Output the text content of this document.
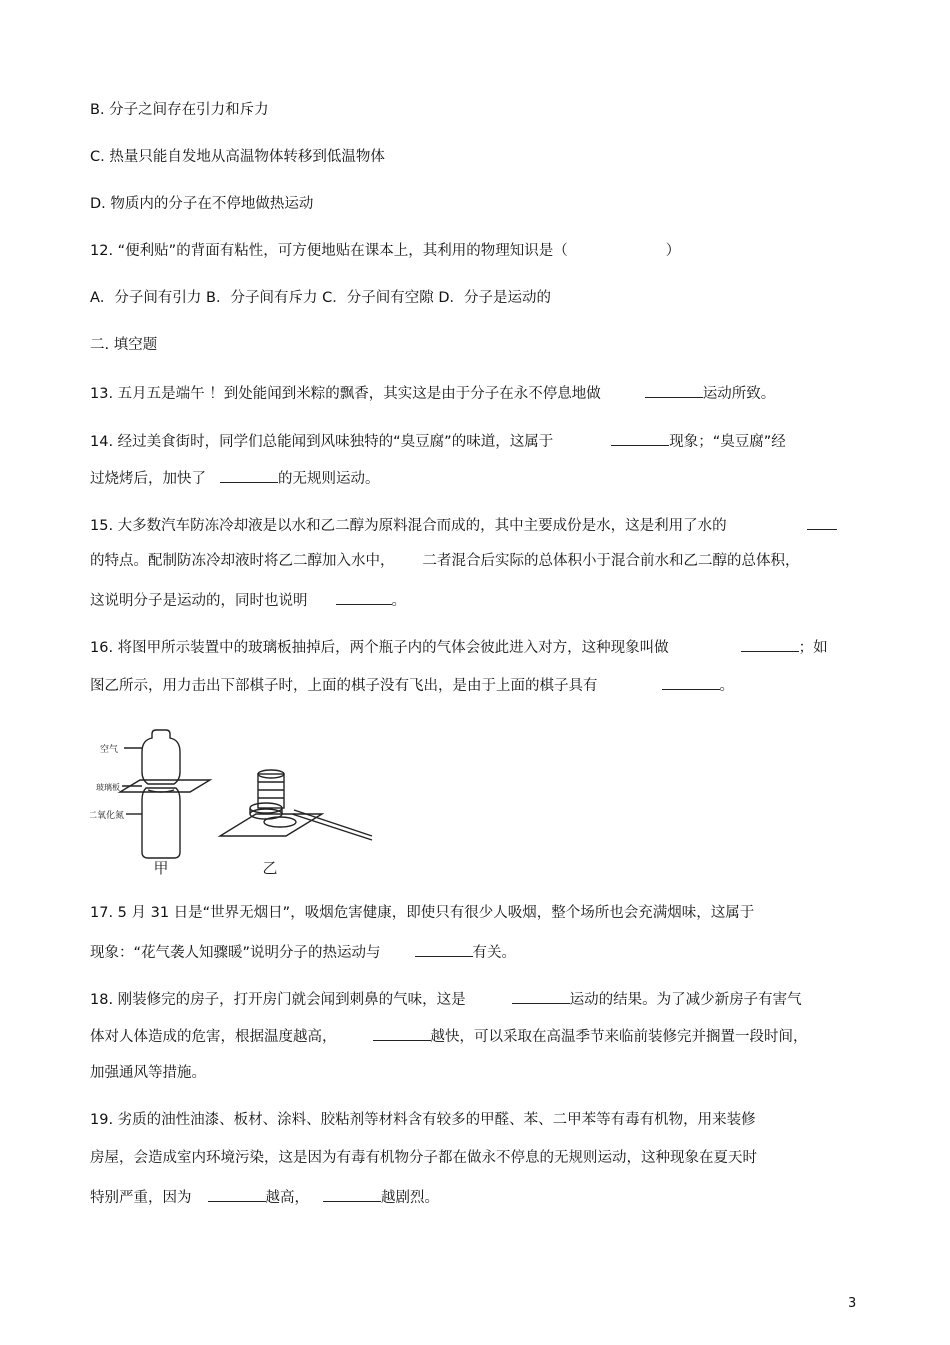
B. 分子之间存在引力和斥力
C. 热量只能自发地从高温物体转移到低温物体
D. 物质内的分子在不停地做热运动
12. “便利贴”的背面有粘性，可方便地贴在课本上，其利用的物理知识是（	）
A．分子间有引力 B．分子间有斥力 C．分子间有空隙 D．分子是运动的
二. 填空题
13. 五月五是端午 ！到处能闻到米粽的飘香，其实这是由于分子在永不停息地做	运动所致。
14. 经过美食街时，同学们总能闻到风味独特的“臭豆腐”的味道，这属于	现象；“臭豆腐”经
过烧烤后，加快了	的无规则运动。
15. 大多数汽车防冻冷却液是以水和乙二醇为原料混合而成的，其中主要成份是水，这是利用了水的
的特点。配制防冻冷却液时将乙二醇加入水中， 二者混合后实际的总体积小于混合前水和乙二醇的总体积，
这说明分子是运动的，同时也说明	。
16. 将图甲所示装置中的玻璃板抽掉后，两个瓶子内的气体会彼此进入对方，这种现象叫做	；如
图乙所示，用力击出下部棋子时，上面的棋子没有飞出，是由于上面的棋子具有	。
空气
玻璃板
二氧化氮
甲	乙
17. 5 月 31 日是“世界无烟日”，吸烟危害健康，即使只有很少人吸烟，整个场所也会充满烟味，这属于
现象：“花气袭人知骤暖”说明分子的热运动与	有关。
18. 刚装修完的房子，打开房门就会闻到刺鼻的气味，这是	运动的结果。为了减少新房子有害气
体对人体造成的危害，根据温度越高，	越快，可以采取在高温季节来临前装修完并搁置一段时间，
加强通风等措施。
19. 劣质的油性油漆、板材、涂料、胶粘剂等材料含有较多的甲醛、苯、二甲苯等有毒有机物，用来装修
房屋，会造成室内环境污染，这是因为有毒有机物分子都在做永不停息的无规则运动，这种现象在夏天时
特别严重，因为	越高，	越剧烈。
3
